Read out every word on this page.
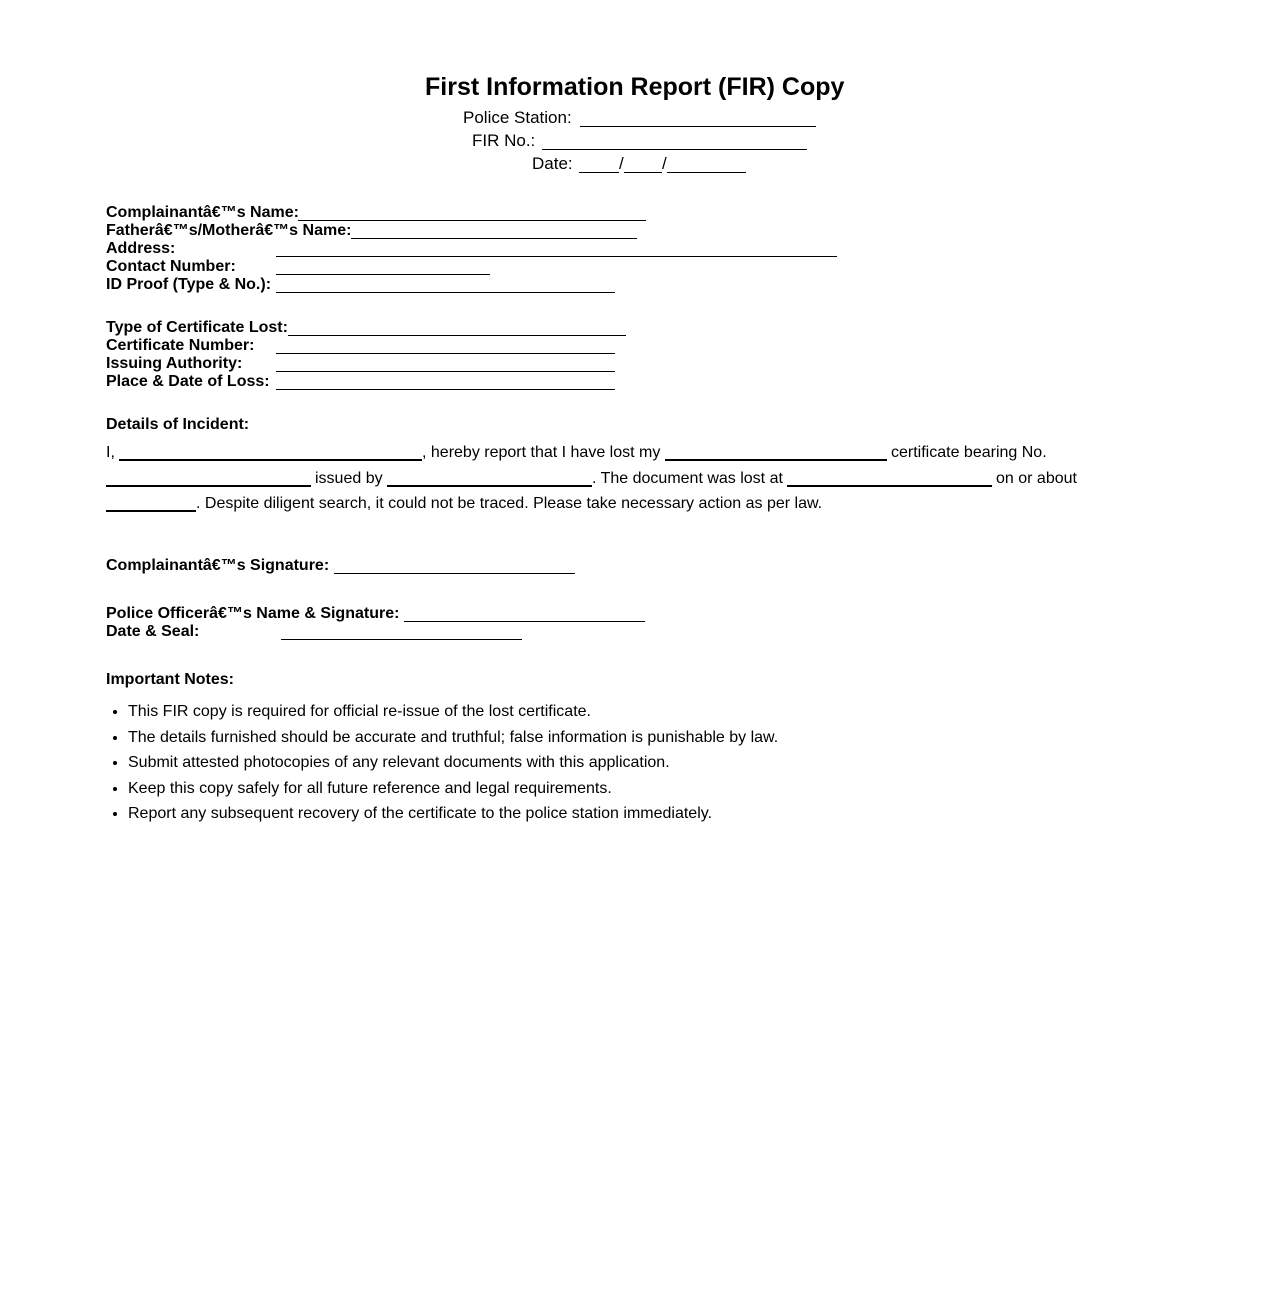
First Information Report (FIR) Copy
Police Station:
FIR No.:
Date:	/ /
Complainantâ€™s Name:
Fatherâ€™s/Motherâ€™s Name:
Address:
Contact Number:
ID Proof (Type & No.):
Type of Certificate Lost:
Certificate Number:
Issuing Authority:
Place & Date of Loss:
Details of Incident:
I,	, hereby report that I have lost my	certificate bearing No.
issued by	. The document was lost at	on or about
. Despite diligent search, it could not be traced. Please take necessary action as per law.
Complainantâ€™s Signature:
Police Officerâ€™s Name & Signature:
Date & Seal:
Important Notes:
• This FIR copy is required for official re-issue of the lost certificate.
• The details furnished should be accurate and truthful; false information is punishable by law.
• Submit attested photocopies of any relevant documents with this application.
• Keep this copy safely for all future reference and legal requirements.
• Report any subsequent recovery of the certificate to the police station immediately.
